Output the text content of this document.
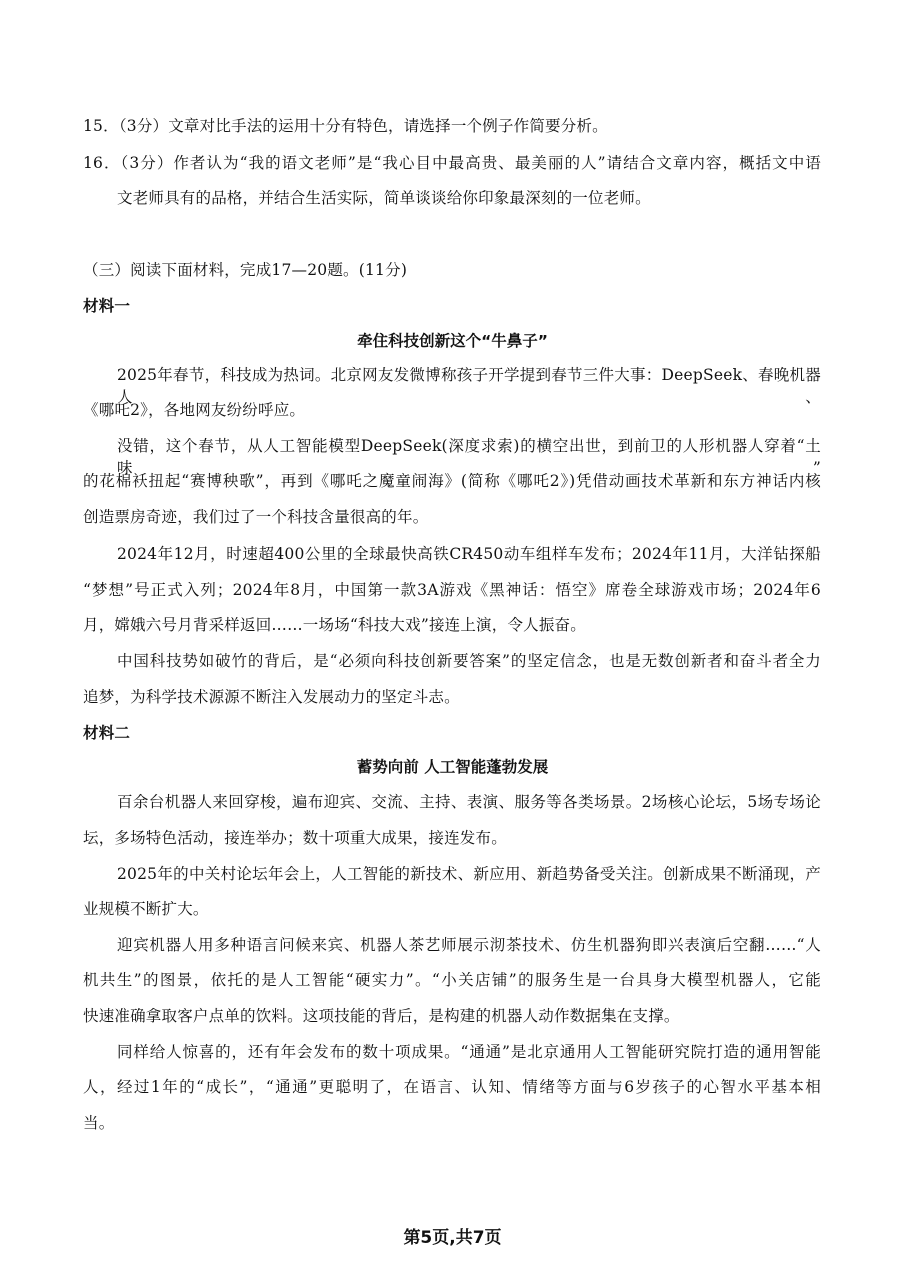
15．（3分）文章对比手法的运用十分有特色，请选择一个例子作简要分析。
16．（3分）作者认为“我的语文老师”是“我心目中最高贵、最美丽的人”请结合文章内容，概括文中语
文老师具有的品格，并结合生活实际，简单谈谈给你印象最深刻的一位老师。
（三）阅读下面材料，完成17—20题。(11分)
材料一
牵住科技创新这个“牛鼻子”
2025年春节，科技成为热词。北京网友发微博称孩子开学提到春节三件大事：DeepSeek、春晚机器人、
《哪吒2》，各地网友纷纷呼应。
没错，这个春节，从人工智能模型DeepSeek(深度求索)的横空出世，到前卫的人形机器人穿着“土味”
的花棉袄扭起“赛博秧歌”，再到《哪吒之魔童闹海》(简称《哪吒2》)凭借动画技术革新和东方神话内核
创造票房奇迹，我们过了一个科技含量很高的年。
2024年12月，时速超400公里的全球最快高铁CR450动车组样车发布；2024年11月，大洋钻探船
“梦想”号正式入列；2024年8月，中国第一款3A游戏《黑神话：悟空》席卷全球游戏市场；2024年6
月，嫦娥六号月背采样返回……一场场“科技大戏”接连上演，令人振奋。
中国科技势如破竹的背后，是“必须向科技创新要答案”的坚定信念，也是无数创新者和奋斗者全力
追梦，为科学技术源源不断注入发展动力的坚定斗志。
材料二
蓄势向前 人工智能蓬勃发展
百余台机器人来回穿梭，遍布迎宾、交流、主持、表演、服务等各类场景。2场核心论坛，5场专场论
坛，多场特色活动，接连举办；数十项重大成果，接连发布。
2025年的中关村论坛年会上，人工智能的新技术、新应用、新趋势备受关注。创新成果不断涌现，产
业规模不断扩大。
迎宾机器人用多种语言问候来宾、机器人茶艺师展示沏茶技术、仿生机器狗即兴表演后空翻……“人
机共生”的图景，依托的是人工智能“硬实力”。“小关店铺”的服务生是一台具身大模型机器人，它能
快速准确拿取客户点单的饮料。这项技能的背后，是构建的机器人动作数据集在支撑。
同样给人惊喜的，还有年会发布的数十项成果。“通通”是北京通用人工智能研究院打造的通用智能
人，经过1年的“成长”，“通通”更聪明了，在语言、认知、情绪等方面与6岁孩子的心智水平基本相
当。
第5页,共7页
